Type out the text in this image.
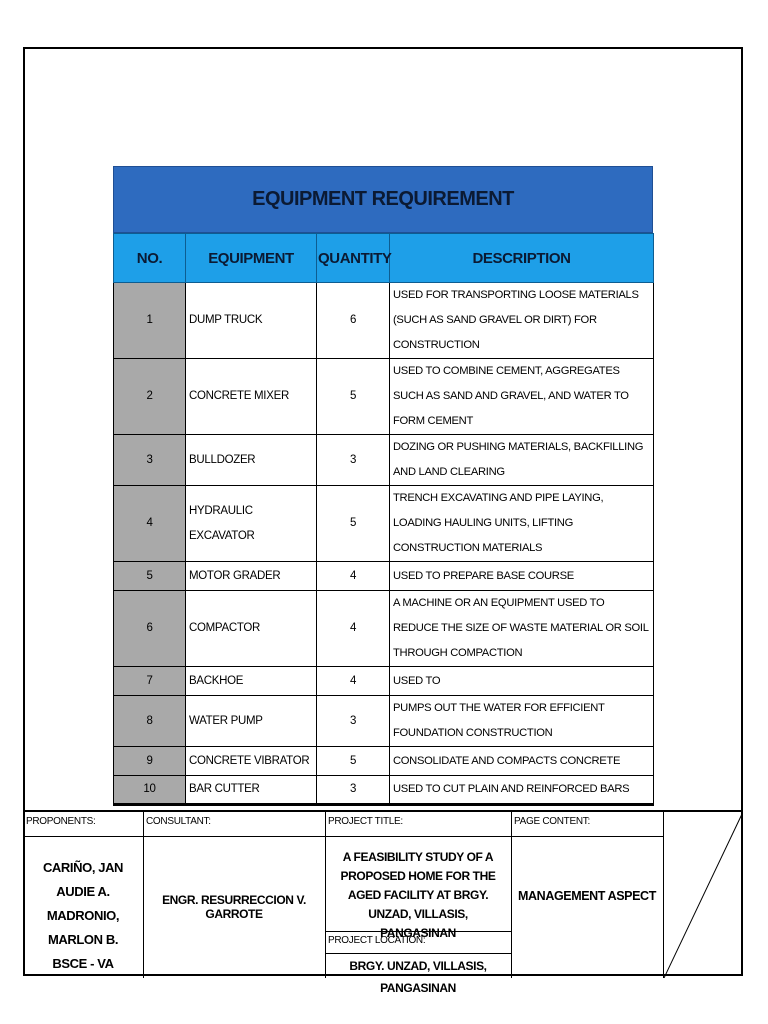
EQUIPMENT REQUIREMENT
NO.	EQUIPMENT	QUANTITY	DESCRIPTION
1	DUMP TRUCK	6	USED FOR TRANSPORTING LOOSE MATERIALS (SUCH AS SAND GRAVEL OR DIRT) FOR CONSTRUCTION
2	CONCRETE MIXER	5	USED TO COMBINE CEMENT, AGGREGATES SUCH AS SAND AND GRAVEL, AND WATER TO FORM CEMENT
3	BULLDOZER	3	DOZING OR PUSHING MATERIALS, BACKFILLING AND LAND CLEARING
4	HYDRAULIC EXCAVATOR	5	TRENCH EXCAVATING AND PIPE LAYING, LOADING HAULING UNITS, LIFTING CONSTRUCTION MATERIALS
5	MOTOR GRADER	4	USED TO PREPARE BASE COURSE
6	COMPACTOR	4	A MACHINE OR AN EQUIPMENT USED TO REDUCE THE SIZE OF WASTE MATERIAL OR SOIL THROUGH COMPACTION
7	BACKHOE	4	USED TO
8	WATER PUMP	3	PUMPS OUT THE WATER FOR EFFICIENT FOUNDATION CONSTRUCTION
9	CONCRETE VIBRATOR	5	CONSOLIDATE AND COMPACTS CONCRETE
10	BAR CUTTER	3	USED TO CUT PLAIN AND REINFORCED BARS
PROPONENTS:	CONSULTANT:	PROJECT TITLE:	PAGE CONTENT:
CARIÑO, JAN AUDIE A.
MADRONIO, MARLON B.
BSCE - VA
ENGR. RESURRECCION V. GARROTE
A FEASIBILITY STUDY OF A PROPOSED HOME FOR THE AGED FACILITY AT BRGY. UNZAD, VILLASIS, PANGASINAN
PROJECT LOCATION:
BRGY. UNZAD, VILLASIS, PANGASINAN
MANAGEMENT ASPECT
